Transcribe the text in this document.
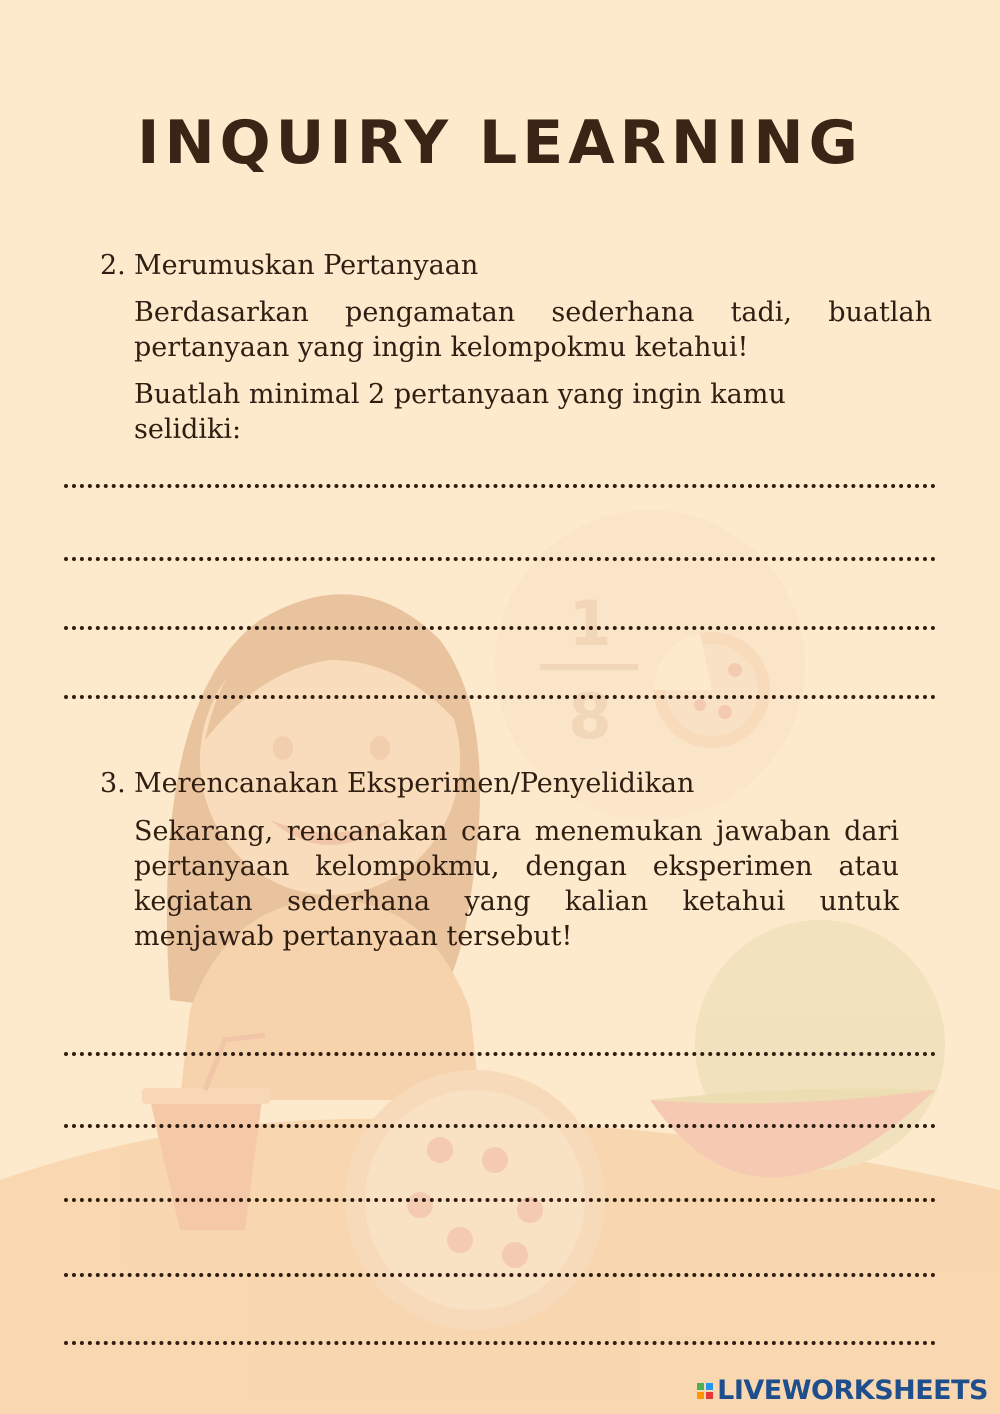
1
8
INQUIRY LEARNING

2. Merumuskan Pertanyaan

Berdasarkan pengamatan sederhana tadi, buatlah pertanyaan yang ingin kelompokmu ketahui!

Buatlah minimal 2 pertanyaan yang ingin kamu selidiki:

3. Merencanakan Eksperimen/Penyelidikan

Sekarang, rencanakan cara menemukan jawaban dari pertanyaan kelompokmu, dengan eksperimen atau kegiatan sederhana yang kalian ketahui untuk menjawab pertanyaan tersebut!

LIVEWORKSHEETS
